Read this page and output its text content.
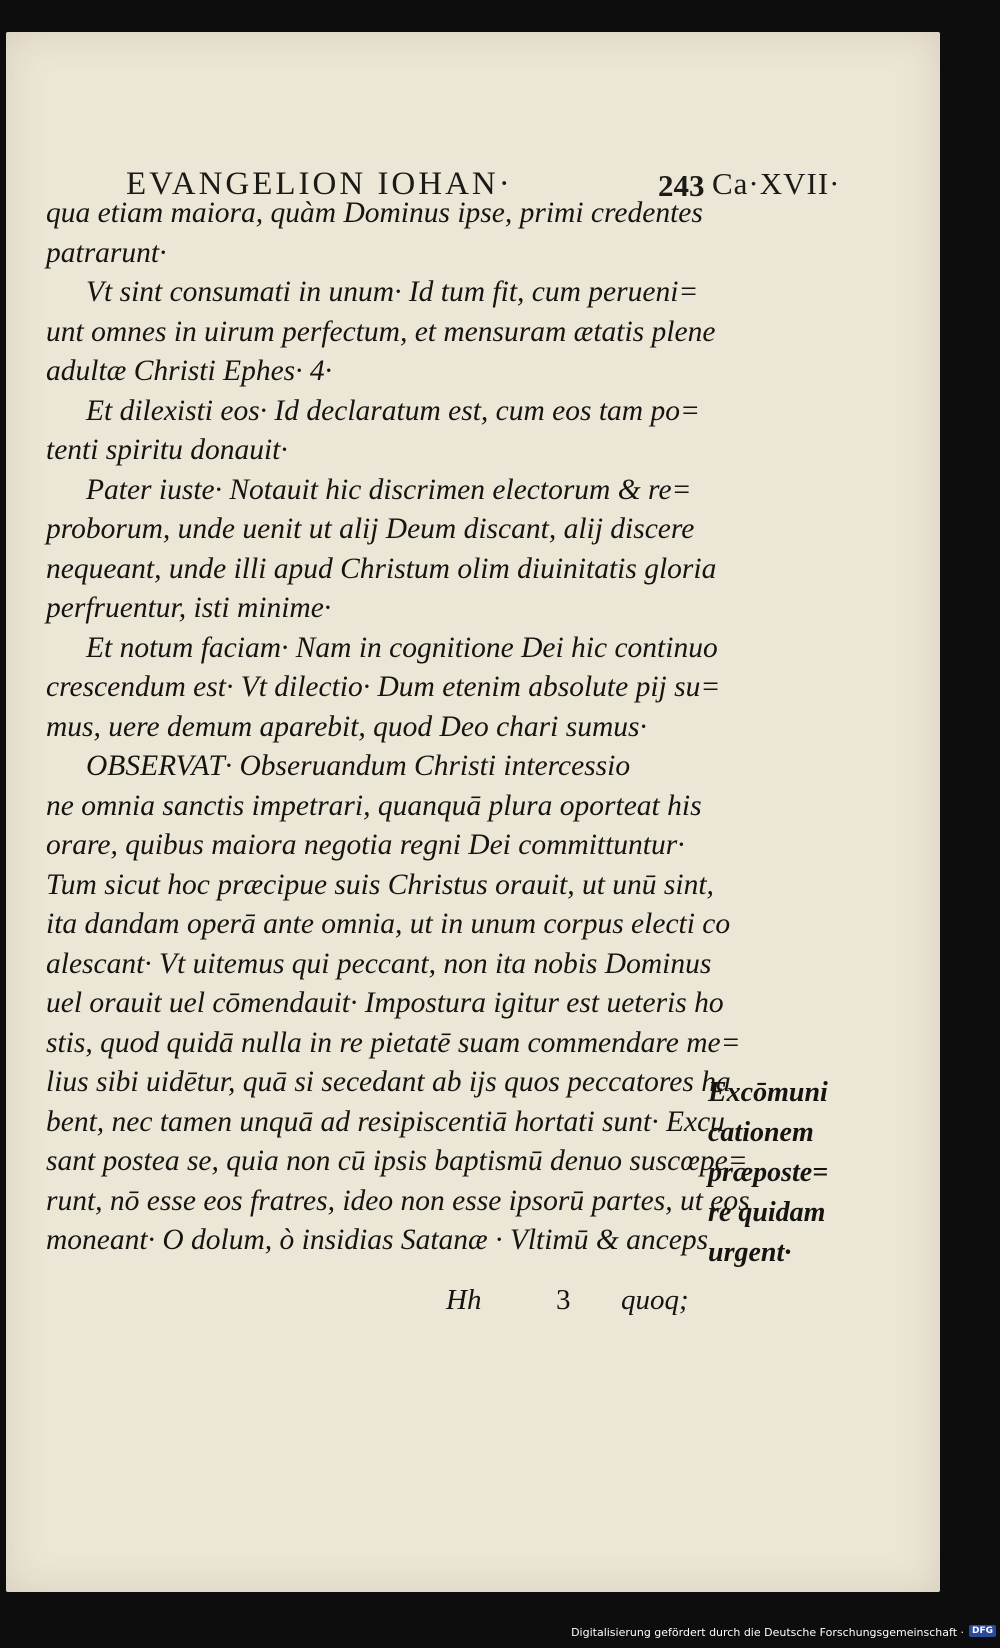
EVANGELION IOHAN·	243 Ca·XVII·
qua etiam maiora, quàm Dominus ipse, primi credentes
patrarunt·
Vt sint consumati in unum· Id tum fit, cum perueni=
unt omnes in uirum perfectum, et mensuram ætatis plene
adultæ Christi Ephes· 4·
Et dilexisti eos· Id declaratum est, cum eos tam po=
tenti spiritu donauit·
Pater iuste· Notauit hic discrimen electorum & re=
proborum, unde uenit ut alij Deum discant, alij discere
nequeant, unde illi apud Christum olim diuinitatis gloria
perfruentur, isti minime·
Et notum faciam· Nam in cognitione Dei hic continuo
crescendum est· Vt dilectio· Dum etenim absolute pij su=
mus, uere demum aparebit, quod Deo chari sumus·
OBSERVAT· Obseruandum Christi intercessio
ne omnia sanctis impetrari, quanquā plura oporteat his
orare, quibus maiora negotia regni Dei committuntur·
Tum sicut hoc præcipue suis Christus orauit, ut unū sint,
ita dandam operā ante omnia, ut in unum corpus electi co
alescant· Vt uitemus qui peccant, non ita nobis Dominus
uel orauit uel cōmendauit· Impostura igitur est ueteris ho
stis, quod quidā nulla in re pietatē suam commendare me=
lius sibi uidētur, quā si secedant ab ijs quos peccatores ha
bent, nec tamen unquā ad resipiscentiā hortati sunt· Excu
sant postea se, quia non cū ipsis baptismū denuo suscœpe=
runt, nō esse eos fratres, ideo non esse ipsorū partes, ut eos
moneant· O dolum, ò insidias Satanæ · Vltimū & anceps
Excōmuni
cationem
præposte=
re quidam
urgent·
Hh	3 quoq;
Digitalisierung gefördert durch die Deutsche Forschungsgemeinschaft · DFG
